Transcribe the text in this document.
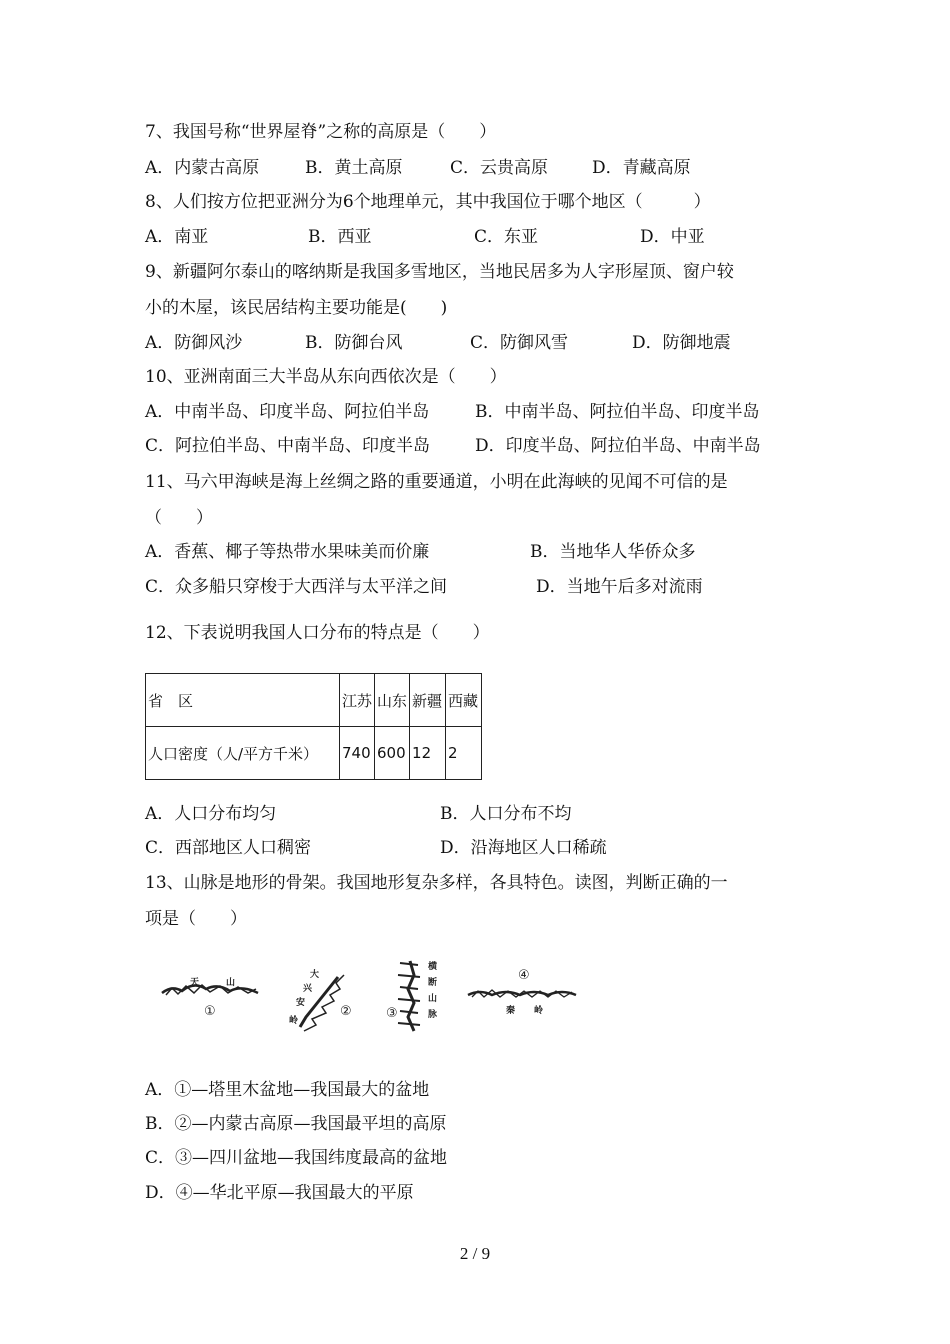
7、我国号称“世界屋脊”之称的高原是（　　）
A．内蒙古高原	B．黄土高原	C．云贵高原	D．青藏高原
8、人们按方位把亚洲分为6个地理单元，其中我国位于哪个地区（　　　）
A．南亚	B．西亚	C．东亚	D．中亚
9、新疆阿尔泰山的喀纳斯是我国多雪地区，当地民居多为人字形屋顶、窗户较
小的木屋，该民居结构主要功能是(　　)
A．防御风沙	B．防御台风	C．防御风雪	D．防御地震
10、亚洲南面三大半岛从东向西依次是（　　）
A．中南半岛、印度半岛、阿拉伯半岛	B．中南半岛、阿拉伯半岛、印度半岛
C．阿拉伯半岛、中南半岛、印度半岛	D．印度半岛、阿拉伯半岛、中南半岛
11、马六甲海峡是海上丝绸之路的重要通道，小明在此海峡的见闻不可信的是
（　　）
A．香蕉、椰子等热带水果味美而价廉	B．当地华人华侨众多
C．众多船只穿梭于大西洋与太平洋之间	D．当地午后多对流雨
12、下表说明我国人口分布的特点是（　　）
省　区	江苏	山东	新疆	西藏
人口密度（人/平方千米）	740	600	12	2
A．人口分布均匀	B．人口分布不均
C．西部地区人口稠密	D．沿海地区人口稀疏
13、山脉是地形的骨架。我国地形复杂多样，各具特色。读图，判断正确的一
项是（　　）
天	山
①
大
兴
安
岭
②
横
断
山
脉
③
④
秦 岭
A．①—塔里木盆地—我国最大的盆地
B．②—内蒙古高原—我国最平坦的高原
C．③—四川盆地—我国纬度最高的盆地
D．④—华北平原—我国最大的平原
2 / 9
